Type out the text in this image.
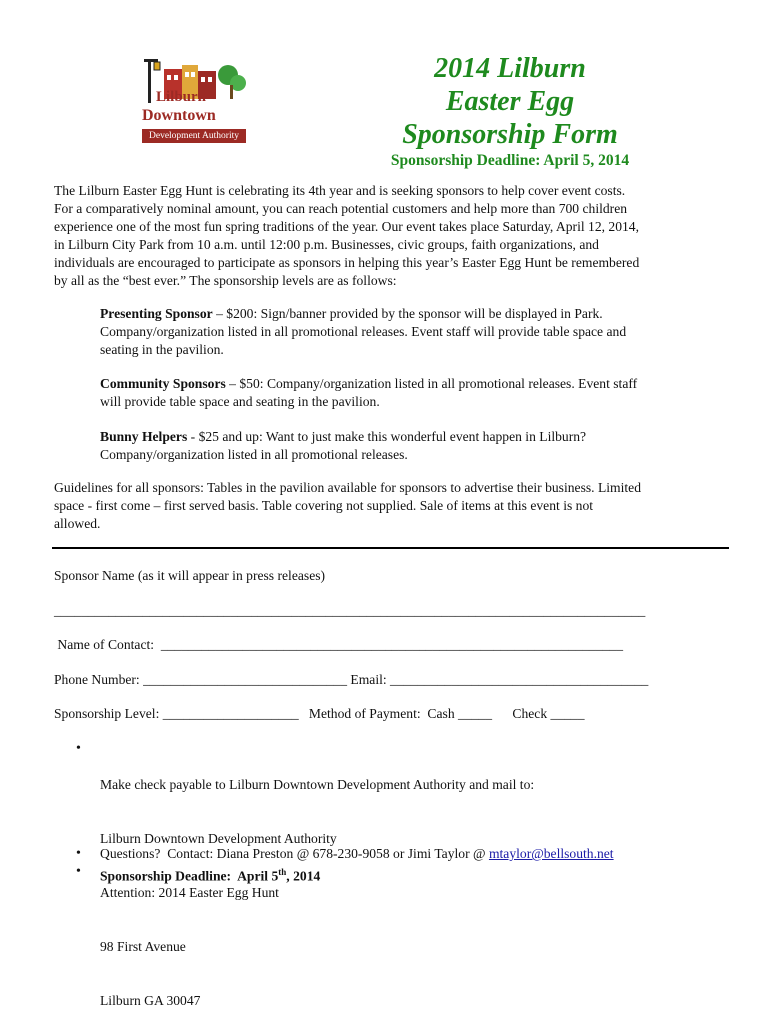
Lilburn
Downtown
Development Authority
2014 Lilburn
Easter Egg
Sponsorship Form
Sponsorship Deadline: April 5, 2014
The Lilburn Easter Egg Hunt is celebrating its 4th year and is seeking sponsors to help cover event costs.
For a comparatively nominal amount, you can reach potential customers and help more than 700 children
experience one of the most fun spring traditions of the year. Our event takes place Saturday, April 12, 2014,
in Lilburn City Park from 10 a.m. until 12:00 p.m. Businesses, civic groups, faith organizations, and
individuals are encouraged to participate as sponsors in helping this year’s Easter Egg Hunt be remembered
by all as the “best ever.” The sponsorship levels are as follows:
Presenting Sponsor – $200: Sign/banner provided by the sponsor will be displayed in Park.
Company/organization listed in all promotional releases. Event staff will provide table space and
seating in the pavilion.
Community Sponsors – $50: Company/organization listed in all promotional releases. Event staff
will provide table space and seating in the pavilion.
Bunny Helpers - $25 and up: Want to just make this wonderful event happen in Lilburn?
Company/organization listed in all promotional releases.
Guidelines for all sponsors: Tables in the pavilion available for sponsors to advertise their business. Limited
space - first come – first served basis. Table covering not supplied. Sale of items at this event is not
allowed.
Sponsor Name (as it will appear in press releases)
_______________________________________________________________________________________
Name of Contact:  ____________________________________________________________________
Phone Number: ______________________________ Email: ______________________________________
Sponsorship Level: ____________________   Method of Payment:  Cash _____      Check _____
•

Make check payable to Lilburn Downtown Development Authority and mail to:

Lilburn Downtown Development Authority

Attention: 2014 Easter Egg Hunt

98 First Avenue

Lilburn GA 30047

• Questions?  Contact: Diana Preston @ 678-230-9058 or Jimi Taylor @ mtaylor@bellsouth.net
• Sponsorship Deadline:  April 5th, 2014
